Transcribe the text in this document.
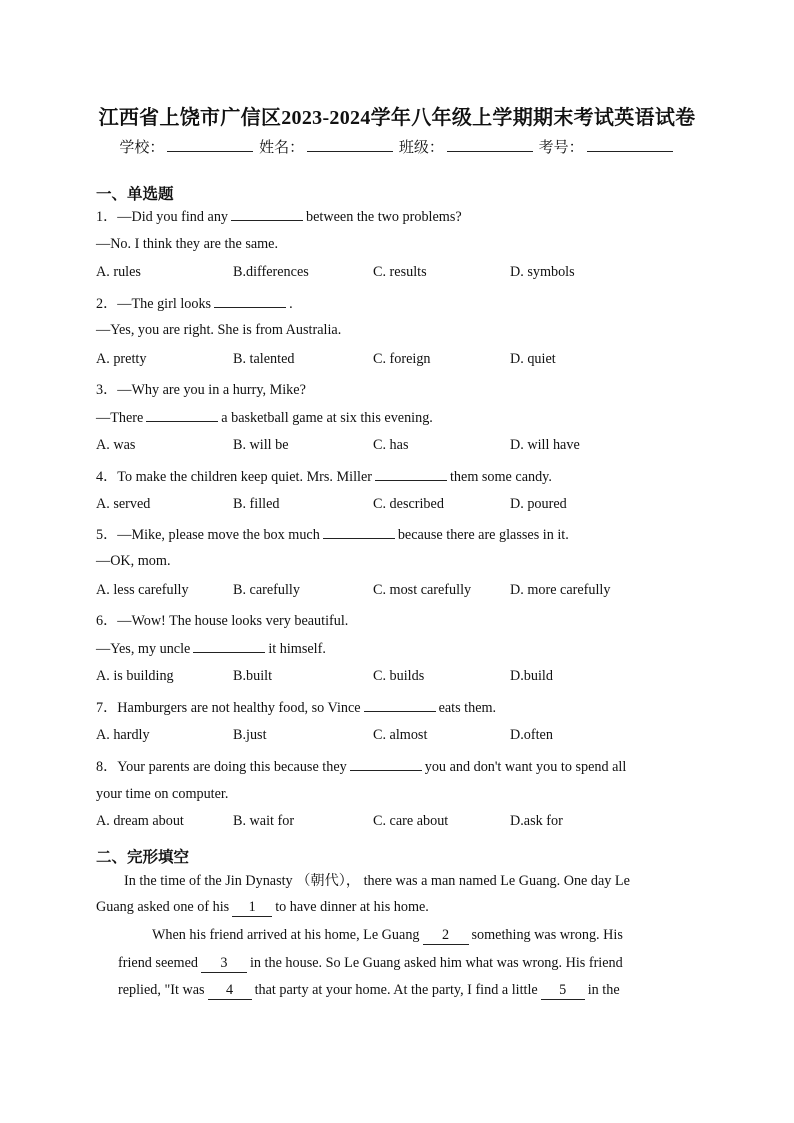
江西省上饶市广信区2023-2024学年八年级上学期期末考试英语试卷
学校：	姓名：	班级：	考号：
一、单选题
1．—Did you find any	between the two problems?
—No. I think they are the same.
A. rules	B.differences	C. results	D. symbols
2．—The girl looks	.
—Yes, you are right. She is from Australia.
A. pretty	B. talented	C. foreign	D. quiet
3．—Why are you in a hurry, Mike?
—There	a basketball game at six this evening.
A. was	B. will be	C. has	D. will have
4．To make the children keep quiet. Mrs. Miller	them some candy.
A. served	B. filled	C. described	D. poured
5．—Mike, please move the box much	because there are glasses in it.
—OK, mom.
A. less carefully	B. carefully	C. most carefully	D. more carefully
6．—Wow! The house looks very beautiful.
—Yes, my uncle	it himself.
A. is building	B.built	C. builds	D.build
7．Hamburgers are not healthy food, so Vince	eats them.
A. hardly	B.just	C. almost	D.often
8．Your parents are doing this because they	you and don't want you to spend all
your time on computer.
A. dream about	B. wait for	C. care about	D.ask for
二、完形填空
In the time of the Jin Dynasty （朝代）， there was a man named Le Guang. One day Le
Guang asked one of his 1 to have dinner at his home.
When his friend arrived at his home, Le Guang 2 something was wrong. His
friend seemed 3 in the house. So Le Guang asked him what was wrong. His friend
replied, "It was 4 that party at your home. At the party, I find a little 5 in the
